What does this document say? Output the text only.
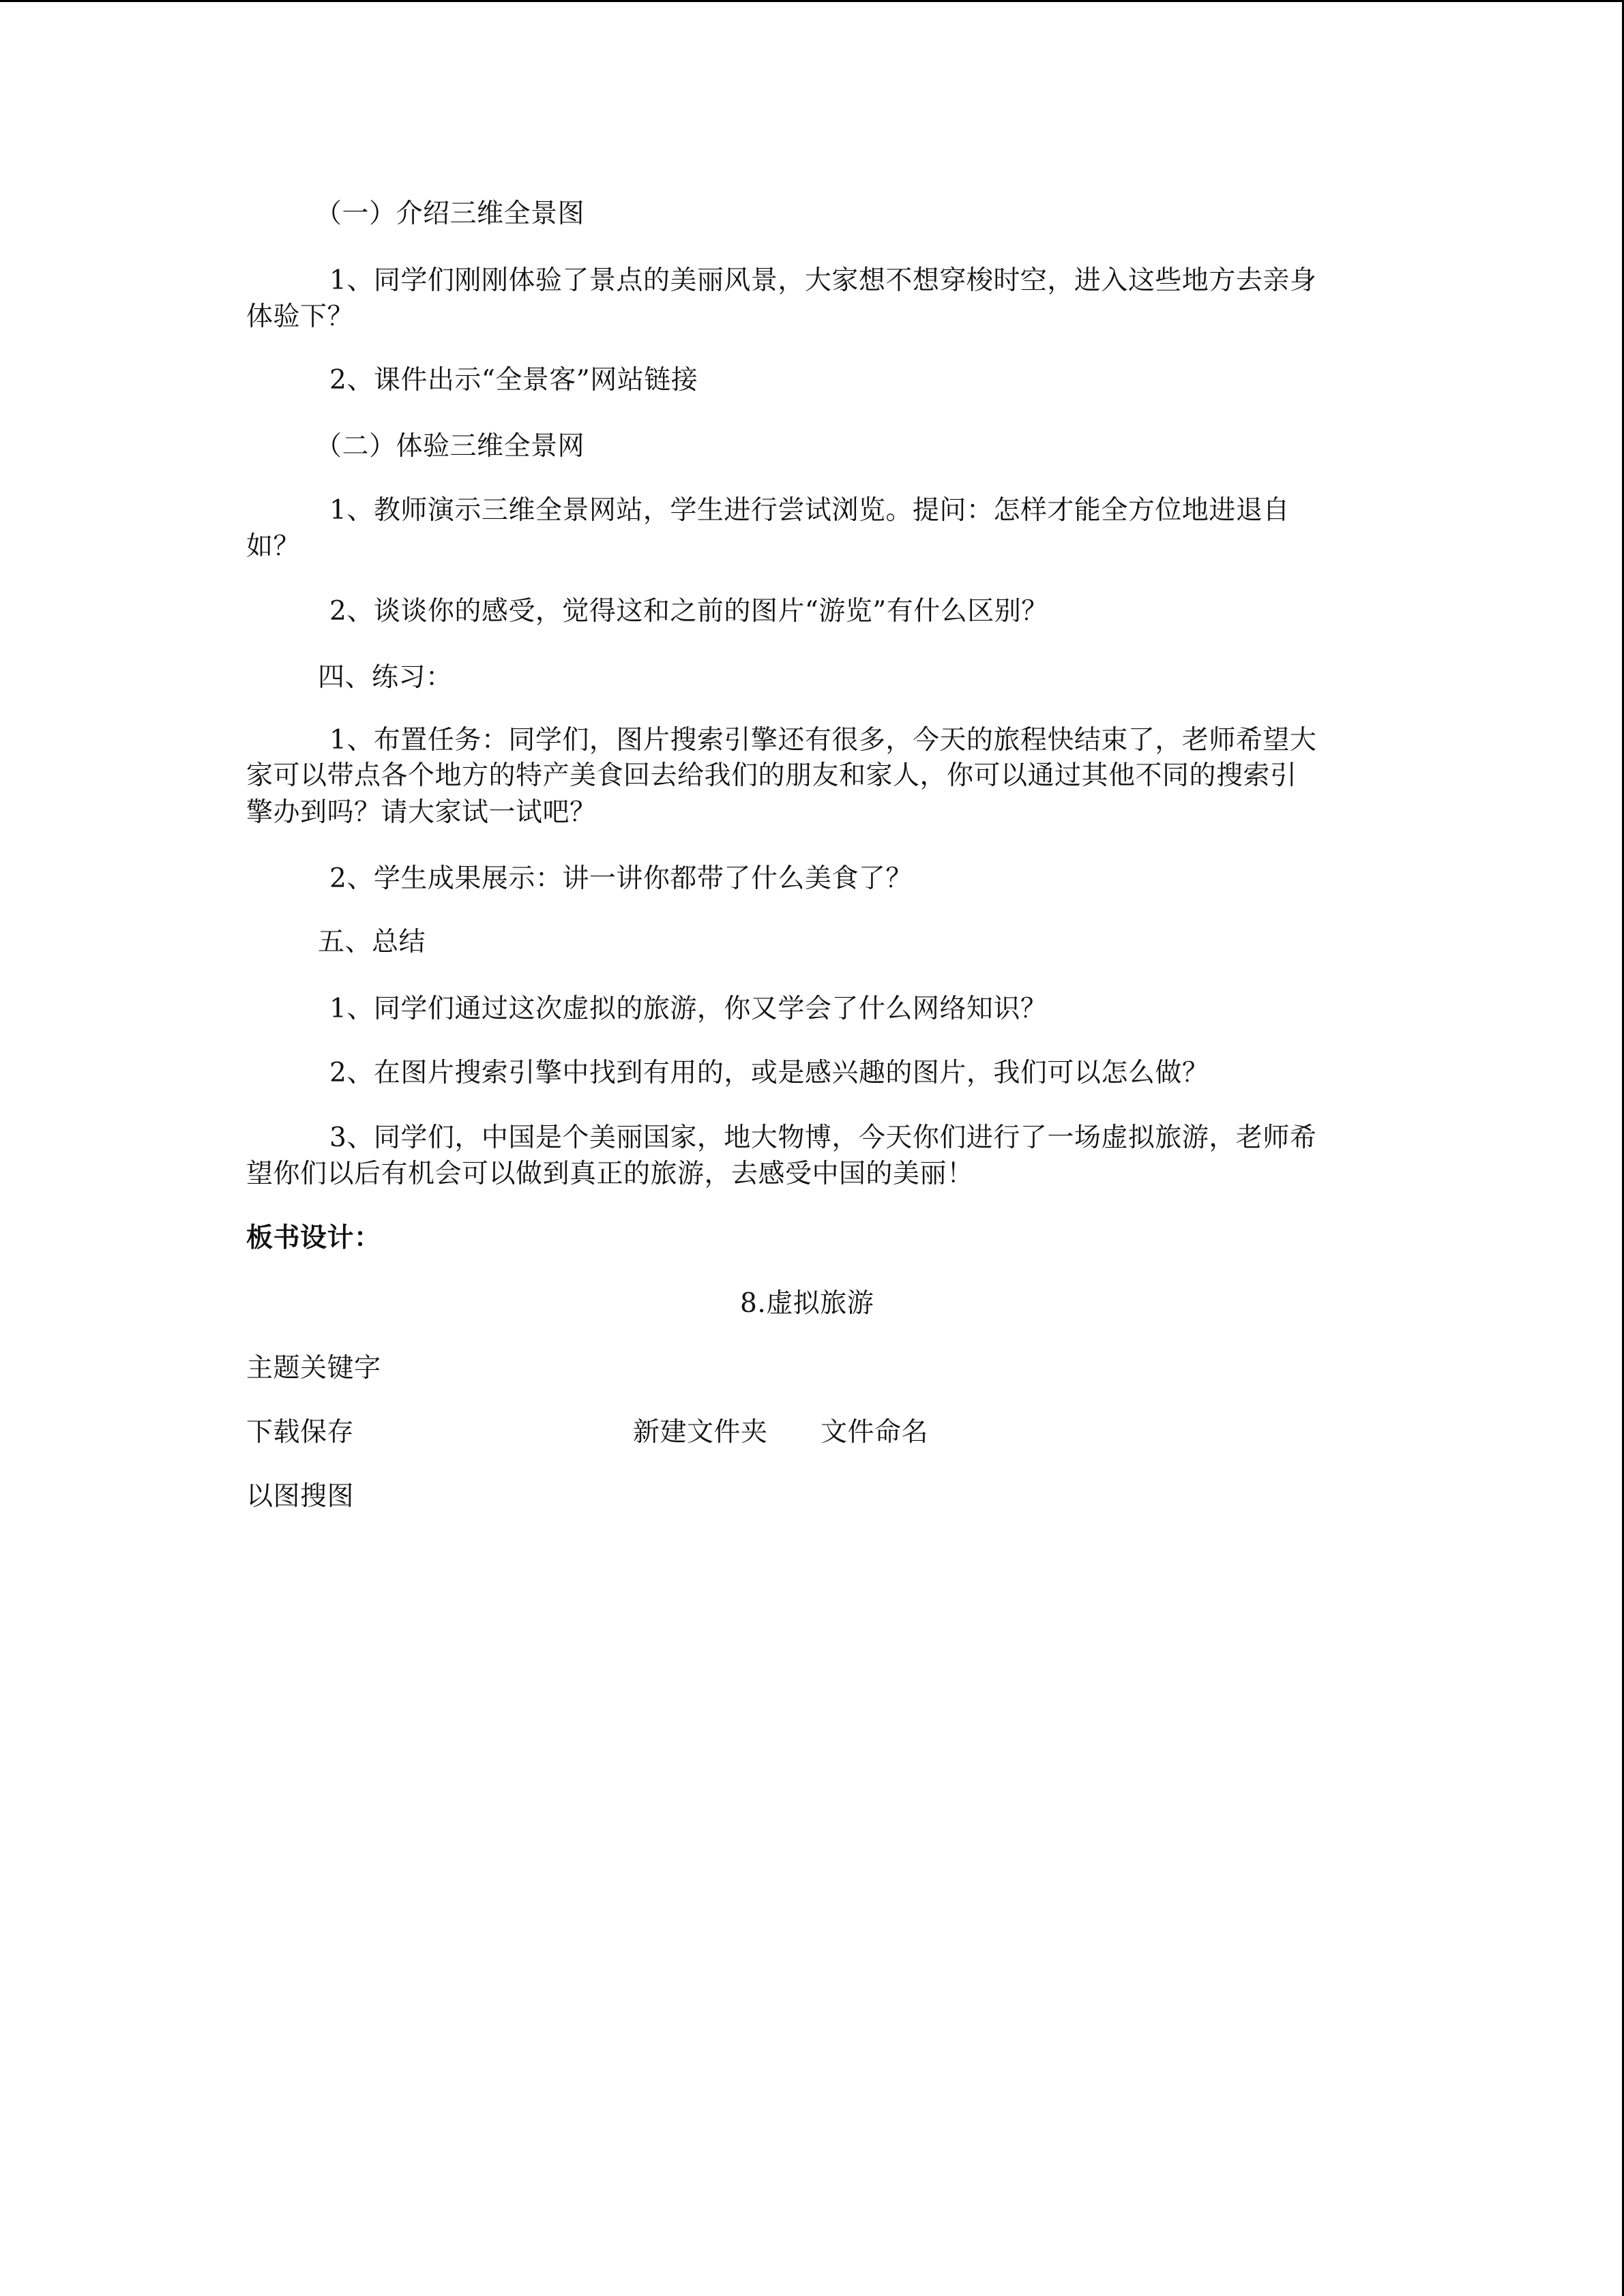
（一）介绍三维全景图
1、同学们刚刚体验了景点的美丽风景，大家想不想穿梭时空，进入这些地方去亲身
体验下？
2、课件出示“全景客”网站链接
（二）体验三维全景网
1、教师演示三维全景网站，学生进行尝试浏览。提问：怎样才能全方位地进退自
如？
2、谈谈你的感受，觉得这和之前的图片“游览”有什么区别？
四、练习：
1、布置任务：同学们，图片搜索引擎还有很多，今天的旅程快结束了，老师希望大
家可以带点各个地方的特产美食回去给我们的朋友和家人，你可以通过其他不同的搜索引
擎办到吗？请大家试一试吧？
2、学生成果展示：讲一讲你都带了什么美食了？
五、总结
1、同学们通过这次虚拟的旅游，你又学会了什么网络知识？
2、在图片搜索引擎中找到有用的，或是感兴趣的图片，我们可以怎么做？
3、同学们，中国是个美丽国家，地大物博，今天你们进行了一场虚拟旅游，老师希
望你们以后有机会可以做到真正的旅游，去感受中国的美丽！
板书设计：
8.虚拟旅游
主题关键字
下载保存	新建文件夹 文件命名
以图搜图
